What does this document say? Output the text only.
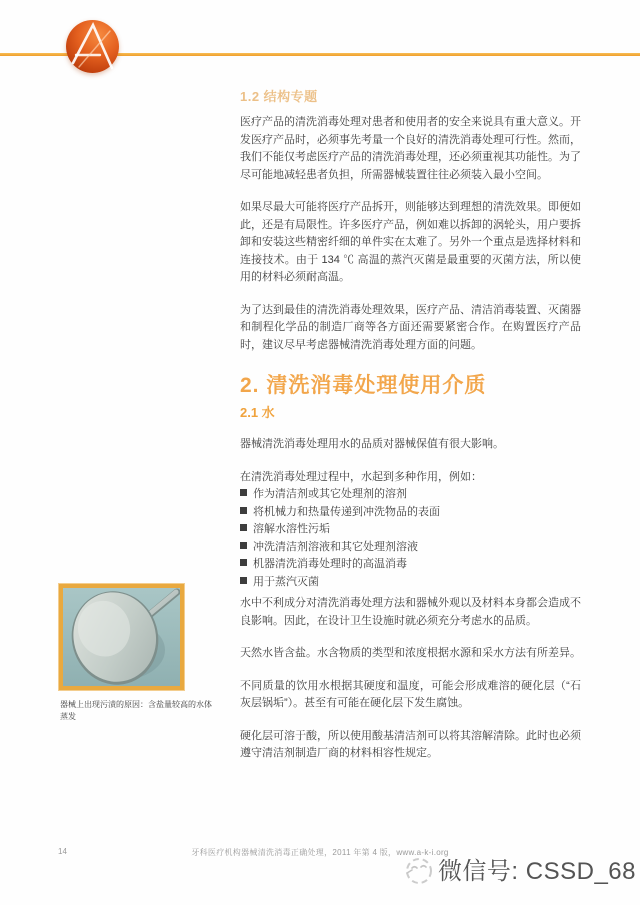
1.2 结构专题

医疗产品的清洗消毒处理对患者和使用者的安全来说具有重大意义。开发医疗产品时，必须事先考量一个良好的清洗消毒处理可行性。然而，我们不能仅考虑医疗产品的清洗消毒处理，还必须重视其功能性。为了尽可能地减轻患者负担，所需器械装置往往必须装入最小空间。

如果尽最大可能将医疗产品拆开，则能够达到理想的清洗效果。即便如此，还是有局限性。许多医疗产品，例如难以拆卸的涡轮头，用户要拆卸和安装这些精密纤细的单件实在太难了。另外一个重点是选择材料和连接技术。由于 134 ℃ 高温的蒸汽灭菌是最重要的灭菌方法，所以使用的材料必须耐高温。

为了达到最佳的清洗消毒处理效果，医疗产品、清洁消毒装置、灭菌器和制程化学品的制造厂商等各方面还需要紧密合作。在购置医疗产品时，建议尽早考虑器械清洗消毒处理方面的问题。

2. 清洗消毒处理使用介质
2.1 水

器械清洗消毒处理用水的品质对器械保值有很大影响。

在清洗消毒处理过程中，水起到多种作用，例如：

作为清洁剂或其它处理剂的溶剂
将机械力和热量传递到冲洗物品的表面
溶解水溶性污垢
冲洗清洁剂溶液和其它处理剂溶液
机器清洗消毒处理时的高温消毒
用于蒸汽灭菌

水中不利成分对清洗消毒处理方法和器械外观以及材料本身都会造成不良影响。因此，在设计卫生设施时就必须充分考虑水的品质。

天然水皆含盐。水含物质的类型和浓度根据水源和采水方法有所差异。

不同质量的饮用水根据其硬度和温度，可能会形成难溶的硬化层（“石灰层锅垢”）。甚至有可能在硬化层下发生腐蚀。

硬化层可溶于酸，所以使用酸基清洁剂可以将其溶解清除。此时也必须遵守清洁剂制造厂商的材料相容性规定。

器械上出现污渍的原因：含盐量较高的水体蒸发
14	牙科医疗机构器械清洗消毒正确处理，2011 年第 4 版，www.a-k-i.org
微信号: CSSD_68
